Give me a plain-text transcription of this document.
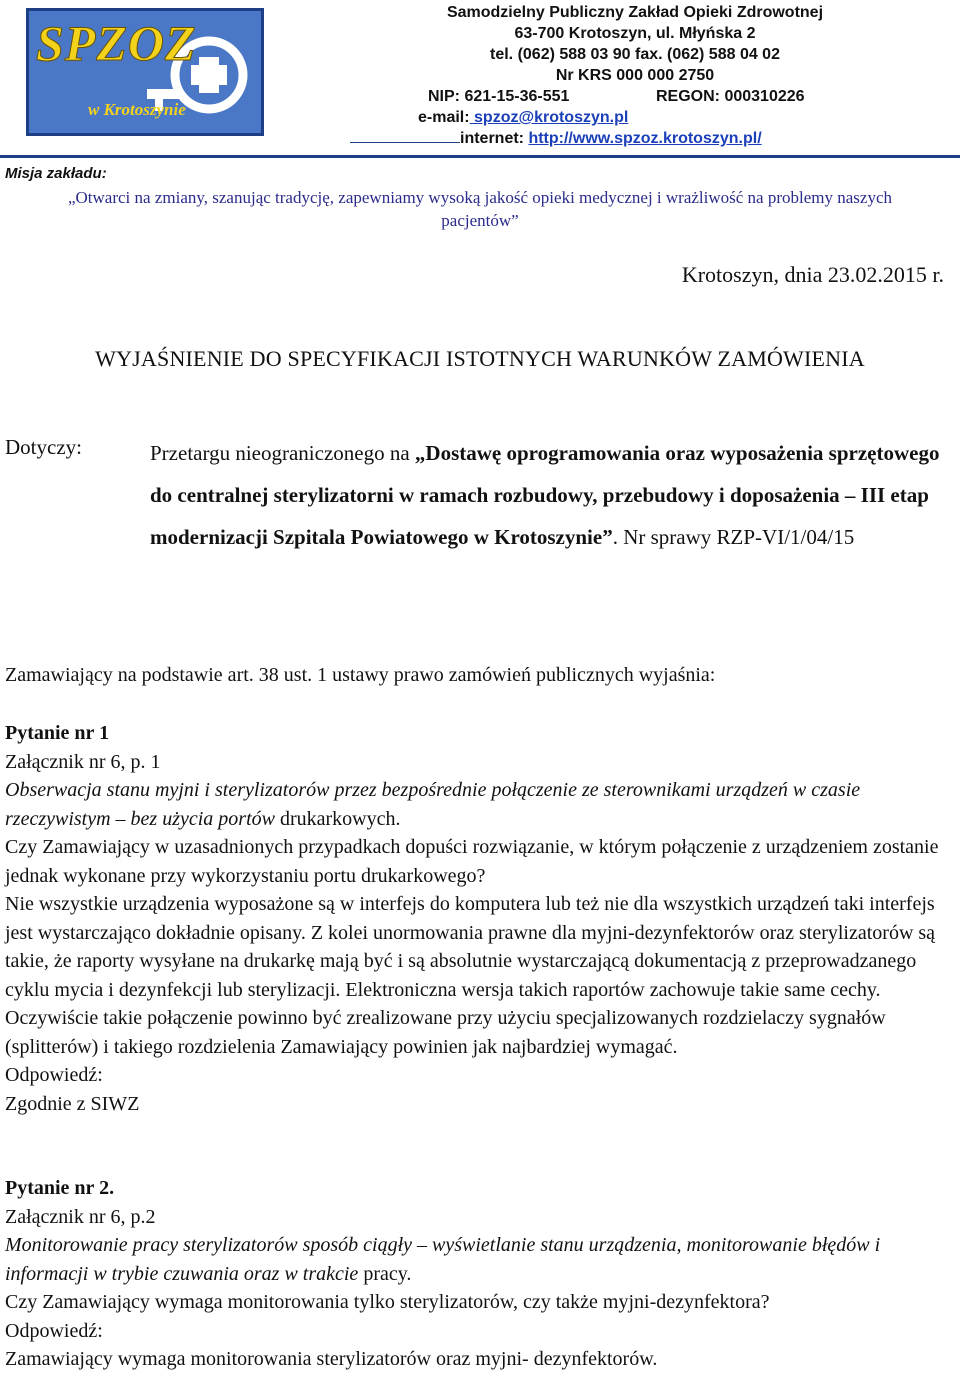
SPZOZ
w Krotoszynie
Samodzielny Publiczny Zakład Opieki Zdrowotnej
63-700 Krotoszyn, ul. Młyńska 2
tel. (062) 588 03 90 fax. (062) 588 04 02
Nr KRS 000 000 2750
NIP: 621-15-36-551	REGON: 000310226
e-mail: spzoz@krotoszyn.pl
internet: http://www.spzoz.krotoszyn.pl/
Misja zakładu:
„Otwarci na zmiany, szanując tradycję, zapewniamy wysoką jakość opieki medycznej i wrażliwość na problemy naszych pacjentów”
Krotoszyn, dnia 23.02.2015 r.
WYJAŚNIENIE DO SPECYFIKACJI ISTOTNYCH WARUNKÓW ZAMÓWIENIA
Dotyczy:	Przetargu nieograniczonego na „Dostawę oprogramowania oraz wyposażenia sprzętowego do centralnej sterylizatorni w ramach rozbudowy, przebudowy i doposażenia – III etap modernizacji Szpitala Powiatowego w Krotoszynie”. Nr sprawy RZP-VI/1/04/15
Zamawiający na podstawie art. 38 ust. 1 ustawy prawo zamówień publicznych wyjaśnia:

Pytanie nr 1

Załącznik nr 6, p. 1

Obserwacja stanu myjni i sterylizatorów przez bezpośrednie połączenie ze sterownikami urządzeń w czasie rzeczywistym – bez użycia portów drukarkowych.

Czy Zamawiający w uzasadnionych przypadkach dopuści rozwiązanie, w którym połączenie z urządzeniem zostanie jednak wykonane przy wykorzystaniu portu drukarkowego?

Nie wszystkie urządzenia wyposażone są w interfejs do komputera lub też nie dla wszystkich urządzeń taki interfejs jest wystarczająco dokładnie opisany. Z kolei unormowania prawne dla myjni-dezynfektorów oraz sterylizatorów są takie, że raporty wysyłane na drukarkę mają być i są absolutnie wystarczającą dokumentacją z przeprowadzanego cyklu mycia i dezynfekcji lub sterylizacji. Elektroniczna wersja takich raportów zachowuje takie same cechy. Oczywiście takie połączenie powinno być zrealizowane przy użyciu specjalizowanych rozdzielaczy sygnałów (splitterów) i takiego rozdzielenia Zamawiający powinien jak najbardziej wymagać.

Odpowiedź:

Zgodnie z SIWZ

Pytanie nr 2.

Załącznik nr 6, p.2

Monitorowanie pracy sterylizatorów sposób ciągły – wyświetlanie stanu urządzenia, monitorowanie błędów i informacji w trybie czuwania oraz w trakcie pracy.

Czy Zamawiający wymaga monitorowania tylko sterylizatorów, czy także myjni-dezynfektora?

Odpowiedź:

Zamawiający wymaga monitorowania sterylizatorów oraz myjni- dezynfektorów.
